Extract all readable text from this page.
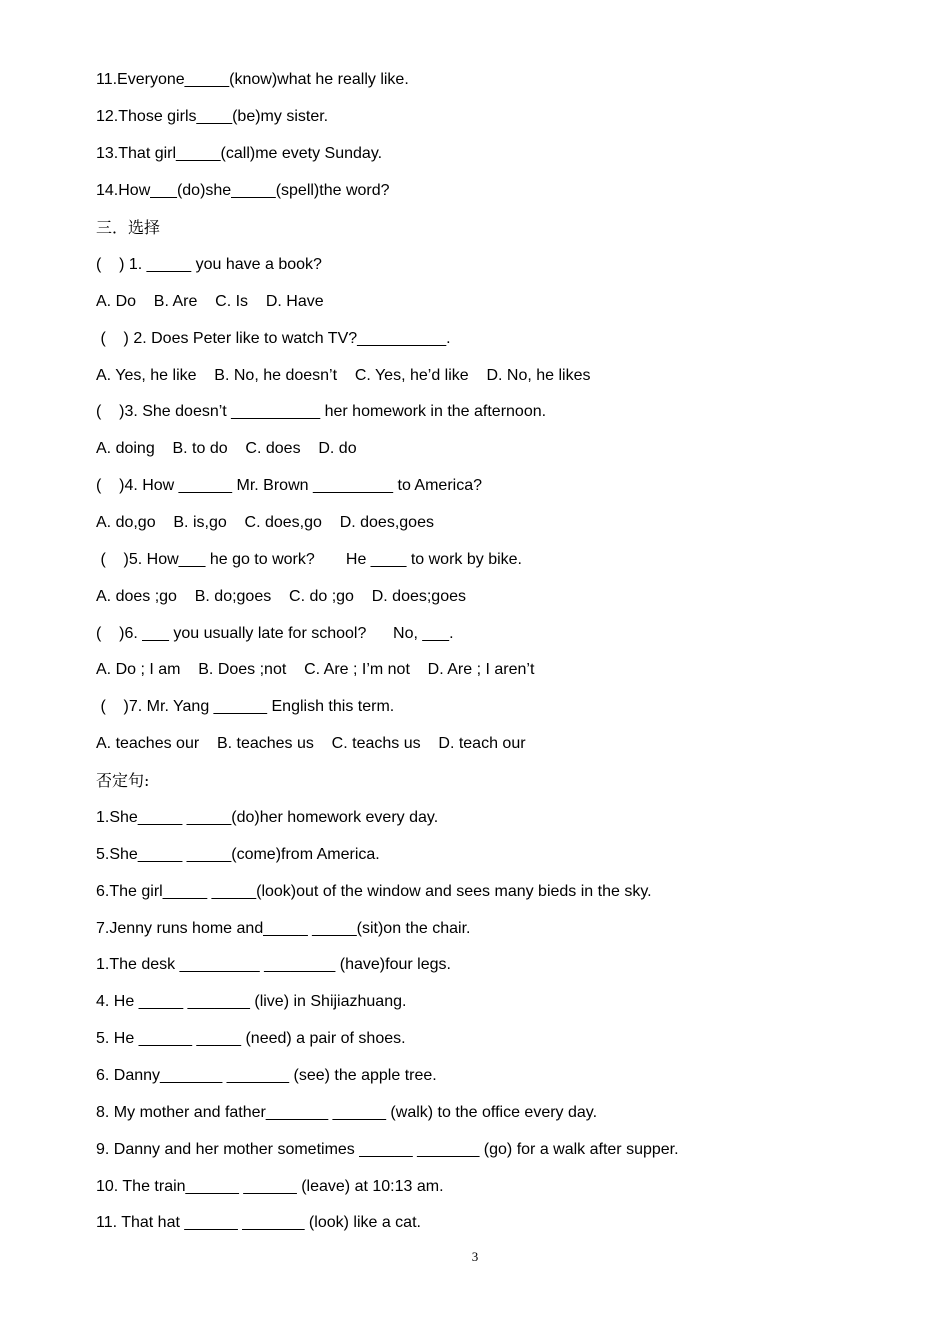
11.Everyone_____(know)what he really like.
12.Those girls____(be)my sister.
13.That girl_____(call)me evety Sunday.
14.How___(do)she_____(spell)the word?
三．选择
(    ) 1. _____ you have a book?
A. Do    B. Are    C. Is    D. Have
(    ) 2. Does Peter like to watch TV?__________.
A. Yes, he like    B. No, he doesn’t    C. Yes, he’d like    D. No, he likes
(    )3. She doesn’t __________ her homework in the afternoon.
A. doing    B. to do    C. does    D. do
(    )4. How ______ Mr. Brown _________ to America?
A. do,go    B. is,go    C. does,go    D. does,goes
(    )5. How___ he go to work?       He ____ to work by bike.
A. does ;go    B. do;goes    C. do ;go    D. does;goes
(    )6. ___ you usually late for school?      No, ___.
A. Do ; I am    B. Does ;not    C. Are ; I’m not    D. Are ; I aren’t
(    )7. Mr. Yang ______ English this term.
A. teaches our    B. teaches us    C. teachs us    D. teach our
否定句:
1.She_____ _____(do)her homework every day.
5.She_____ _____(come)from America.
6.The girl_____ _____(look)out of the window and sees many bieds in the sky.
7.Jenny runs home and_____ _____(sit)on the chair.
1.The desk _________ ________ (have)four legs.
4. He _____ _______ (live) in Shijiazhuang.
5. He ______ _____ (need) a pair of shoes.
6. Danny_______ _______ (see) the apple tree.
8. My mother and father_______ ______ (walk) to the office every day.
9. Danny and her mother sometimes ______ _______ (go) for a walk after supper.
10. The train______ ______ (leave) at 10:13 am.
11. That hat ______ _______ (look) like a cat.
3
